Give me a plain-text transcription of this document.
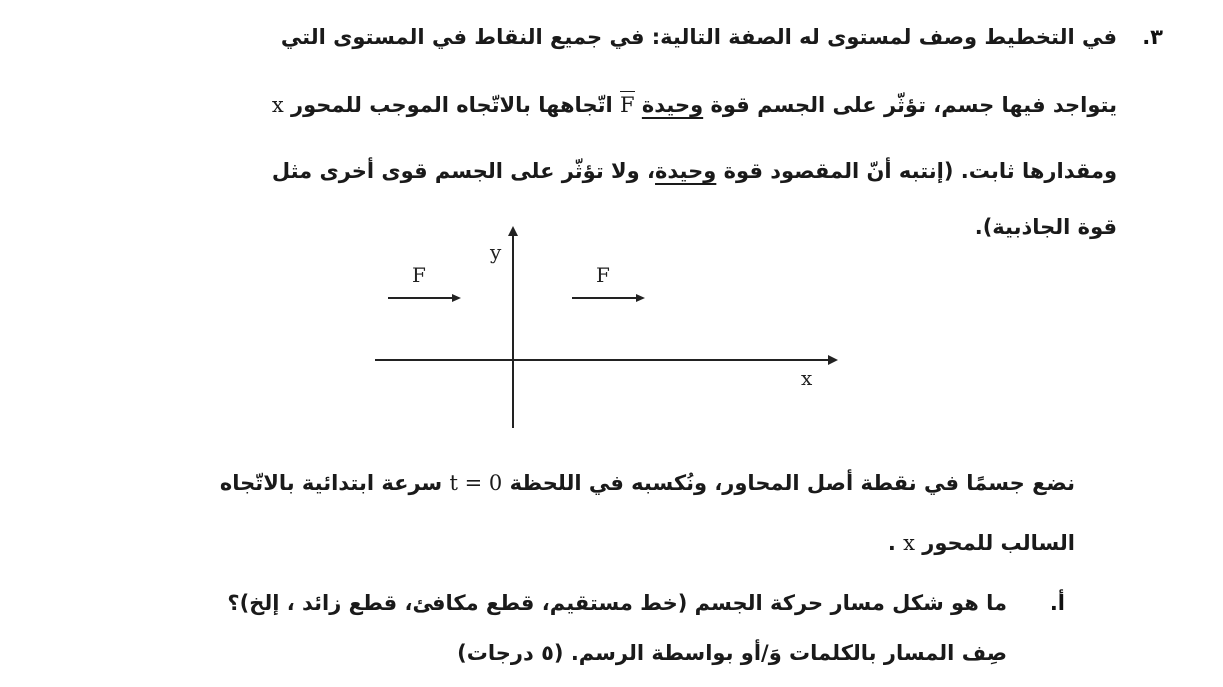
٣.
في التخطيط وصف لمستوى له الصفة التالية: في جميع النقاط في المستوى التي
يتواجد فيها جسم، تؤثّر على الجسم قوة وحيدة F اتّجاهها بالاتّجاه الموجب للمحور x
ومقدارها ثابت. (إنتبه أنّ المقصود قوة وحيدة، ولا تؤثّر على الجسم قوى أخرى مثل
قوة الجاذبية).
x
y
F	F
نضع جسمًا في نقطة أصل المحاور، ونُكسبه في اللحظة t = 0 سرعة ابتدائية بالاتّجاه
السالب للمحور x .
أ.
ما هو شكل مسار حركة الجسم (خط مستقيم، قطع مكافئ، قطع زائد ، إلخ)؟
صِف المسار بالكلمات وَ/أو بواسطة الرسم. (٥ درجات)
